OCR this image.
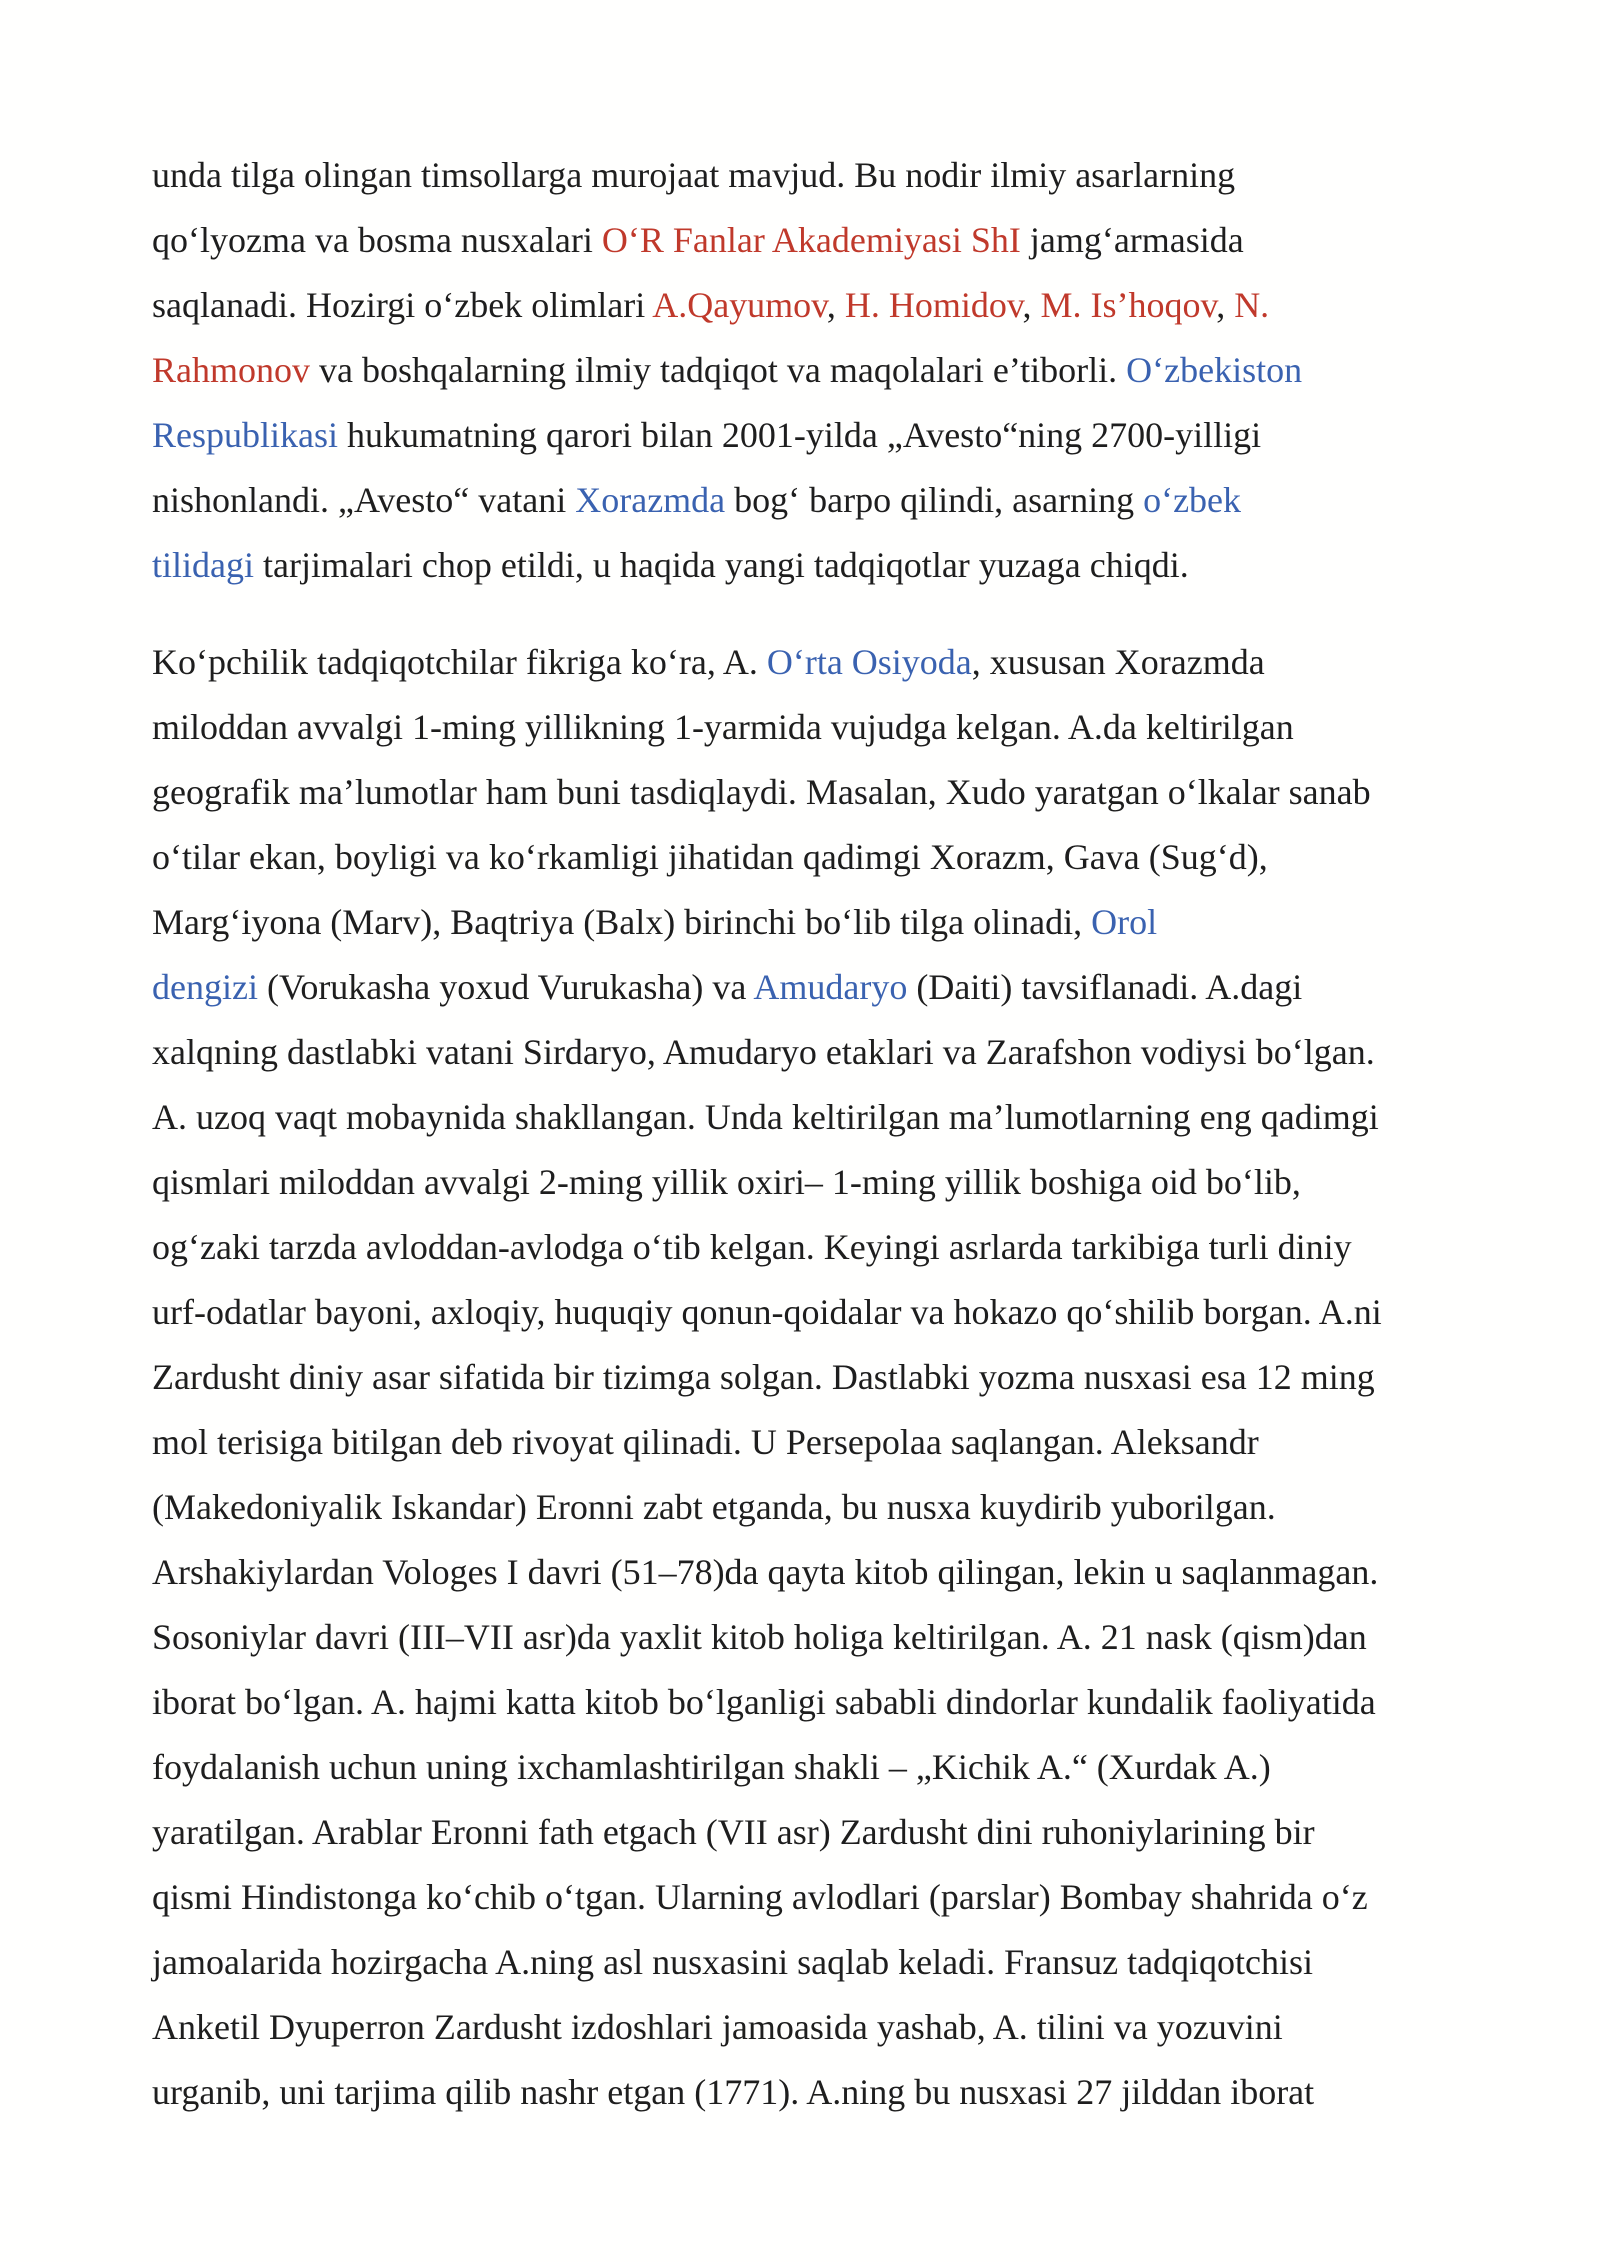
unda tilga olingan timsollarga murojaat mavjud. Bu nodir ilmiy asarlarning
qo‘lyozma va bosma nusxalari O‘R Fanlar Akademiyasi ShI jamg‘armasida
saqlanadi. Hozirgi o‘zbek olimlari A.Qayumov, H. Homidov, M. Is’hoqov, N.
Rahmonov va boshqalarning ilmiy tadqiqot va maqolalari e’tiborli. O‘zbekiston
Respublikasi hukumatning qarori bilan 2001-yilda „Avesto“ning 2700-yilligi
nishonlandi. „Avesto“ vatani Xorazmda bog‘ barpo qilindi, asarning o‘zbek
tilidagi tarjimalari chop etildi, u haqida yangi tadqiqotlar yuzaga chiqdi.
Ko‘pchilik tadqiqotchilar fikriga ko‘ra, A. O‘rta Osiyoda, xususan Xorazmda
miloddan avvalgi 1-ming yillikning 1-yarmida vujudga kelgan. A.da keltirilgan
geografik ma’lumotlar ham buni tasdiqlaydi. Masalan, Xudo yaratgan o‘lkalar sanab
o‘tilar ekan, boyligi va ko‘rkamligi jihatidan qadimgi Xorazm, Gava (Sug‘d),
Marg‘iyona (Marv), Baqtriya (Balx) birinchi bo‘lib tilga olinadi, Orol
dengizi (Vorukasha yoxud Vurukasha) va Amudaryo (Daiti) tavsiflanadi. A.dagi
xalqning dastlabki vatani Sirdaryo, Amudaryo etaklari va Zarafshon vodiysi bo‘lgan.
A. uzoq vaqt mobaynida shakllangan. Unda keltirilgan ma’lumotlarning eng qadimgi
qismlari miloddan avvalgi 2-ming yillik oxiri– 1-ming yillik boshiga oid bo‘lib,
og‘zaki tarzda avloddan-avlodga o‘tib kelgan. Keyingi asrlarda tarkibiga turli diniy
urf-odatlar bayoni, axloqiy, huquqiy qonun-qoidalar va hokazo qo‘shilib borgan. A.ni
Zardusht diniy asar sifatida bir tizimga solgan. Dastlabki yozma nusxasi esa 12 ming
mol terisiga bitilgan deb rivoyat qilinadi. U Persepolaa saqlangan. Aleksandr
(Makedoniyalik Iskandar) Eronni zabt etganda, bu nusxa kuydirib yuborilgan.
Arshakiylardan Vologes I davri (51–78)da qayta kitob qilingan, lekin u saqlanmagan.
Sosoniylar davri (III–VII asr)da yaxlit kitob holiga keltirilgan. A. 21 nask (qism)dan
iborat bo‘lgan. A. hajmi katta kitob bo‘lganligi sababli dindorlar kundalik faoliyatida
foydalanish uchun uning ixchamlashtirilgan shakli – „Kichik A.“ (Xurdak A.)
yaratilgan. Arablar Eronni fath etgach (VII asr) Zardusht dini ruhoniylarining bir
qismi Hindistonga ko‘chib o‘tgan. Ularning avlodlari (parslar) Bombay shahrida o‘z
jamoalarida hozirgacha A.ning asl nusxasini saqlab keladi. Fransuz tadqiqotchisi
Anketil Dyuperron Zardusht izdoshlari jamoasida yashab, A. tilini va yozuvini
urganib, uni tarjima qilib nashr etgan (1771). A.ning bu nusxasi 27 jilddan iborat
